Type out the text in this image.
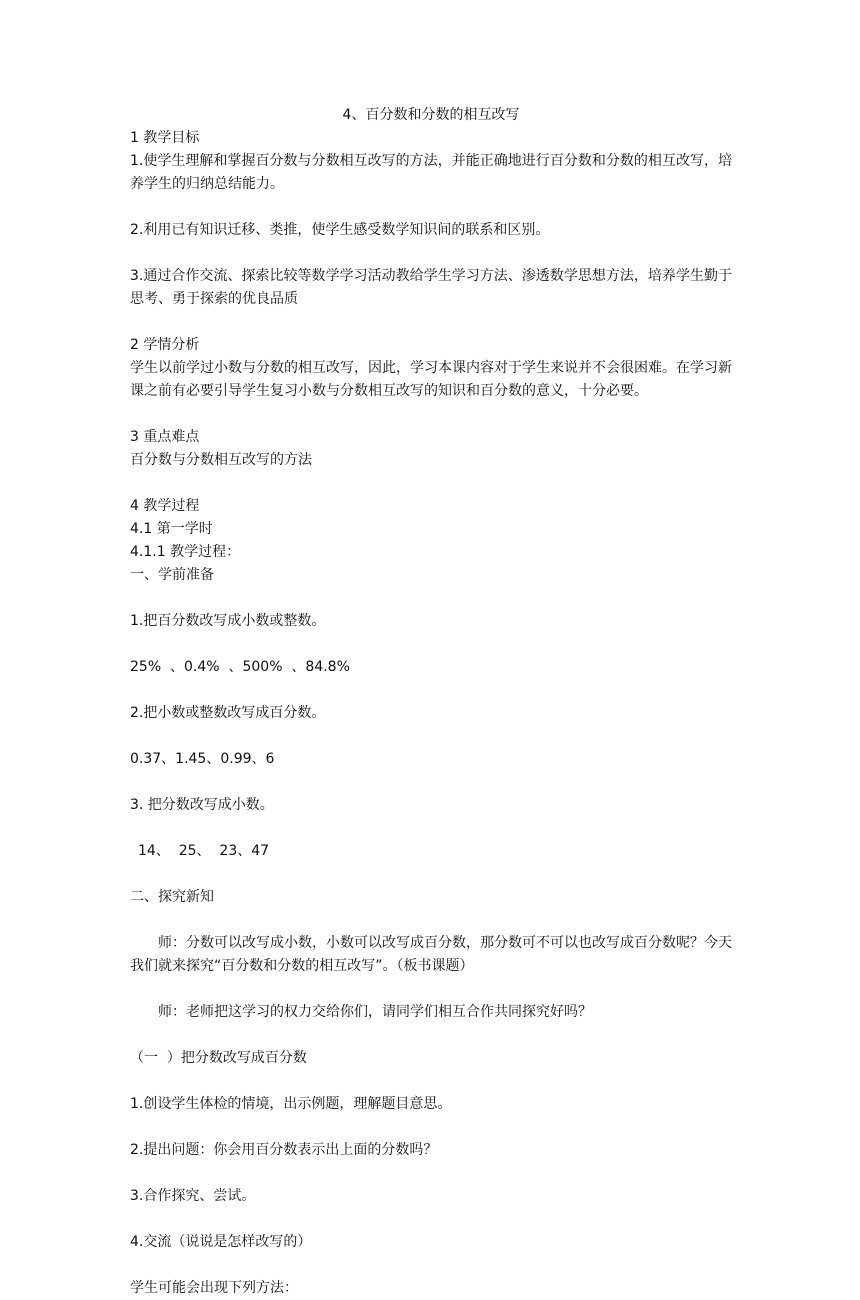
4、百分数和分数的相互改写

1 教学目标

1.使学生理解和掌握百分数与分数相互改写的方法，并能正确地进行百分数和分数的相互改写，培养学生的归纳总结能力。

2.利用已有知识迁移、类推，使学生感受数学知识间的联系和区别。

3.通过合作交流、探索比较等数学学习活动教给学生学习方法、渗透数学思想方法，培养学生勤于思考、勇于探索的优良品质

2 学情分析

学生以前学过小数与分数的相互改写，因此，学习本课内容对于学生来说并不会很困难。在学习新课之前有必要引导学生复习小数与分数相互改写的知识和百分数的意义，十分必要。

3 重点难点

百分数与分数相互改写的方法

4 教学过程

4.1 第一学时

4.1.1 教学过程：

一、学前准备

1.把百分数改写成小数或整数。

25%  、0.4%  、500%  、84.8%

2.把小数或整数改写成百分数。

0.37、1.45、0.99、6

3. 把分数改写成小数。

14、  25、  23、47

二、探究新知

师：分数可以改写成小数，小数可以改写成百分数，那分数可不可以也改写成百分数呢？今天我们就来探究“百分数和分数的相互改写”。（板书课题）

师：老师把这学习的权力交给你们，请同学们相互合作共同探究好吗？

（一  ）把分数改写成百分数

1.创设学生体检的情境，出示例题，理解题目意思。

2.提出问题：你会用百分数表示出上面的分数吗？

3.合作探究、尝试。

4.交流（说说是怎样改写的）

学生可能会出现下列方法：
